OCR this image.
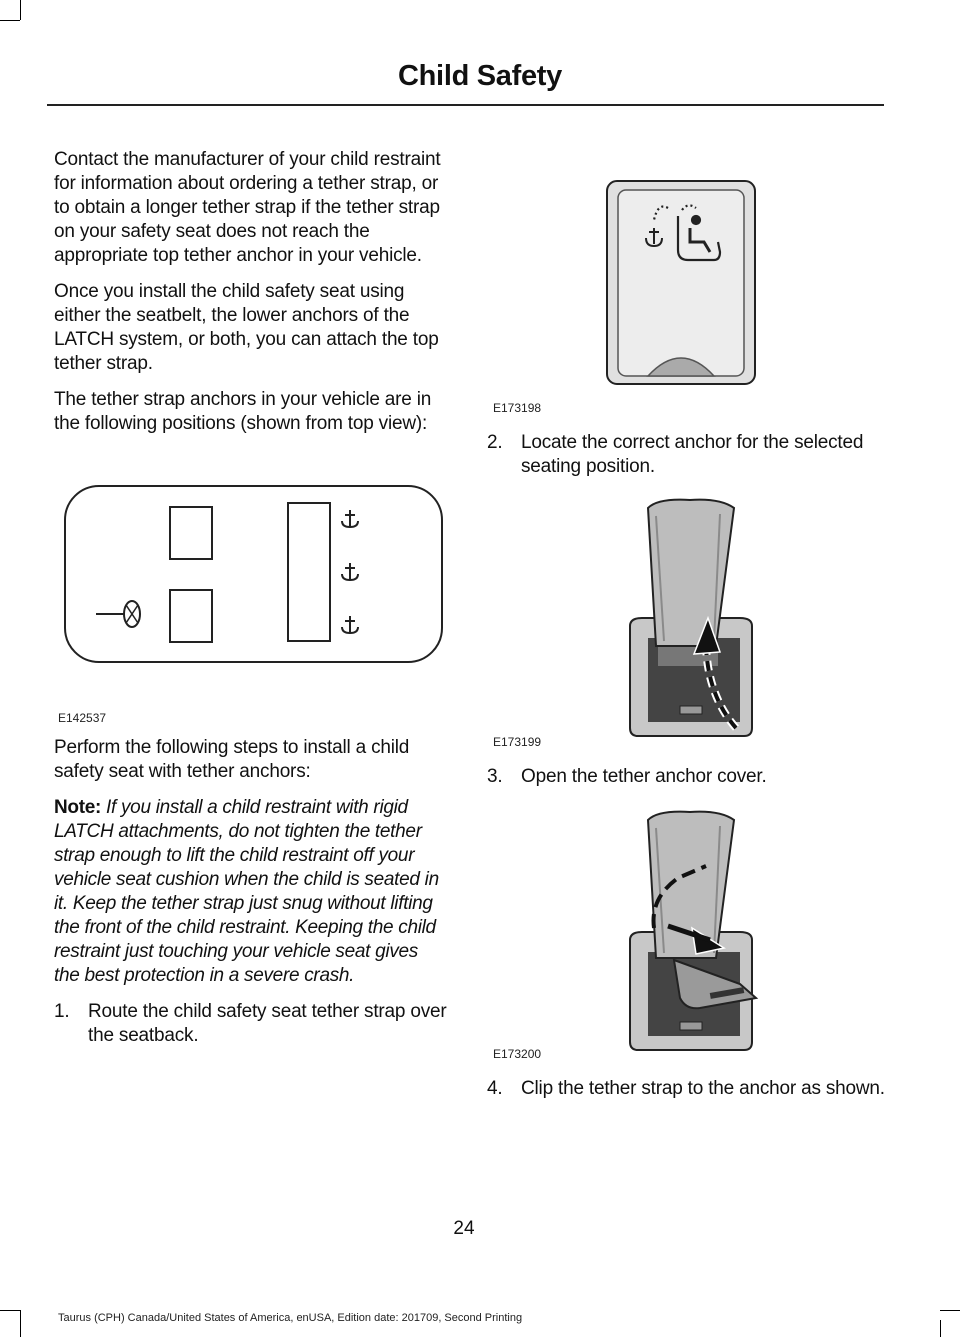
Child Safety

Contact the manufacturer of your child restraint for information about ordering a tether strap, or to obtain a longer tether strap if the tether strap on your safety seat does not reach the appropriate top tether anchor in your vehicle.

Once you install the child safety seat using either the seatbelt, the lower anchors of the LATCH system, or both, you can attach the top tether strap.

The tether strap anchors in your vehicle are in the following positions (shown from top view):

E142537

Perform the following steps to install a child safety seat with tether anchors:

Note: If you install a child restraint with rigid LATCH attachments, do not tighten the tether strap enough to lift the child restraint off your vehicle seat cushion when the child is seated in it. Keep the tether strap just snug without lifting the front of the child restraint. Keeping the child restraint just touching your vehicle seat gives the best protection in a severe crash.

1. Route the child safety seat tether strap over the seatback.
E173198
2. Locate the correct anchor for the selected seating position.
E173199
3. Open the tether anchor cover.
E173200
4. Clip the tether strap to the anchor as shown.
24
Taurus (CPH) Canada/United States of America, enUSA, Edition date: 201709, Second Printing
